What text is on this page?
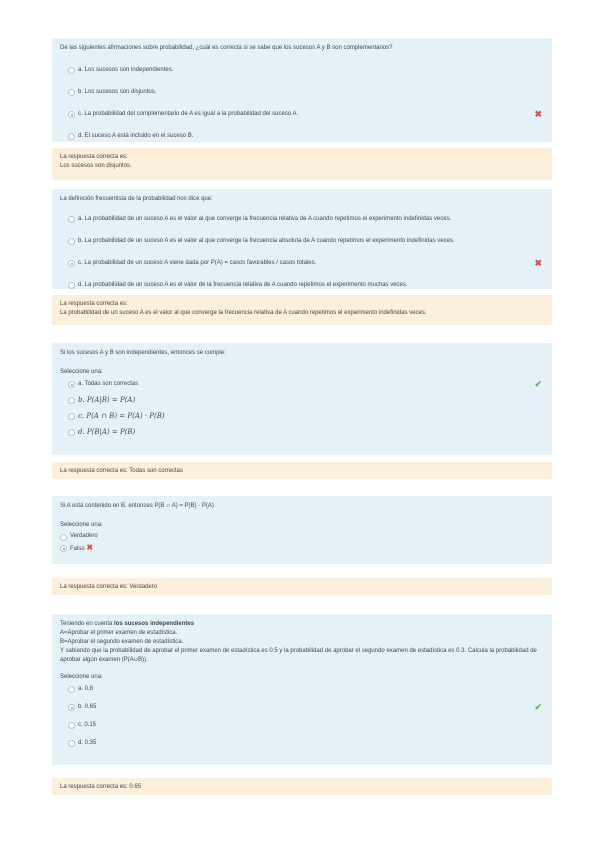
De las siguientes afirmaciones sobre probabilidad, ¿cuál es correcta si se sabe que los sucesos A y B son complementarios?

a. Los sucesos son independientes.
b. Los sucesos son disjuntos.
c. La probabilidad del complementario de A es igual a la probabilidad del suceso A.	✖
d. El suceso A está incluido en el suceso B.

La respuesta correcta es:

Los sucesos son disjuntos.

La definición frecuentista de la probabilidad nos dice que:

a. La probabilidad de un suceso A es el valor al que converge la frecuencia relativa de A cuando repetimos el experimento indefinidas veces.
b. La probabilidad de un suceso A es el valor al que converge la frecuencia absoluta de A cuando repetimos el experimento indefinidas veces.
c. La probabilidad de un suceso A viene dada por P(A) = casos favorables / casos totales.	✖
d. La probabilidad de un suceso A es el valor de la frecuencia relativa de A cuando repetimos el experimento muchas veces.

La respuesta correcta es:

La probabilidad de un suceso A es el valor al que converge la frecuencia relativa de A cuando repetimos el experimento indefinidas veces.

Si los sucesos A y B son independientes, entonces se cumple:

Seleccione una:

a. Todas son correctas	✔
b. P(A|B) = P(A)
c. P(A ∩ B) = P(A) · P(B)
d. P(B|A) = P(B)

La respuesta correcta es: Todas son correctas

Si A está contenido en B, entonces P(B ∩ A) = P(B) · P(A)

Seleccione una:

Verdadero
Falso ✖

La respuesta correcta es: Verdadero

Teniendo en cuenta los sucesos independientes

A=Aprobar el primer examen de estadística.

B=Aprobar el segundo examen de estadística.

Y sabiendo que la probabilidad de aprobar el primer examen de estadística es 0.5 y la probabilidad de aprobar el segundo examen de estadística es 0.3. Calcula la probabilidad de aprobar algún examen (P(A∪B)).

Seleccione una:

a. 0.8
b. 0.65	✔
c. 0.15
d. 0.35

La respuesta correcta es: 0.65
